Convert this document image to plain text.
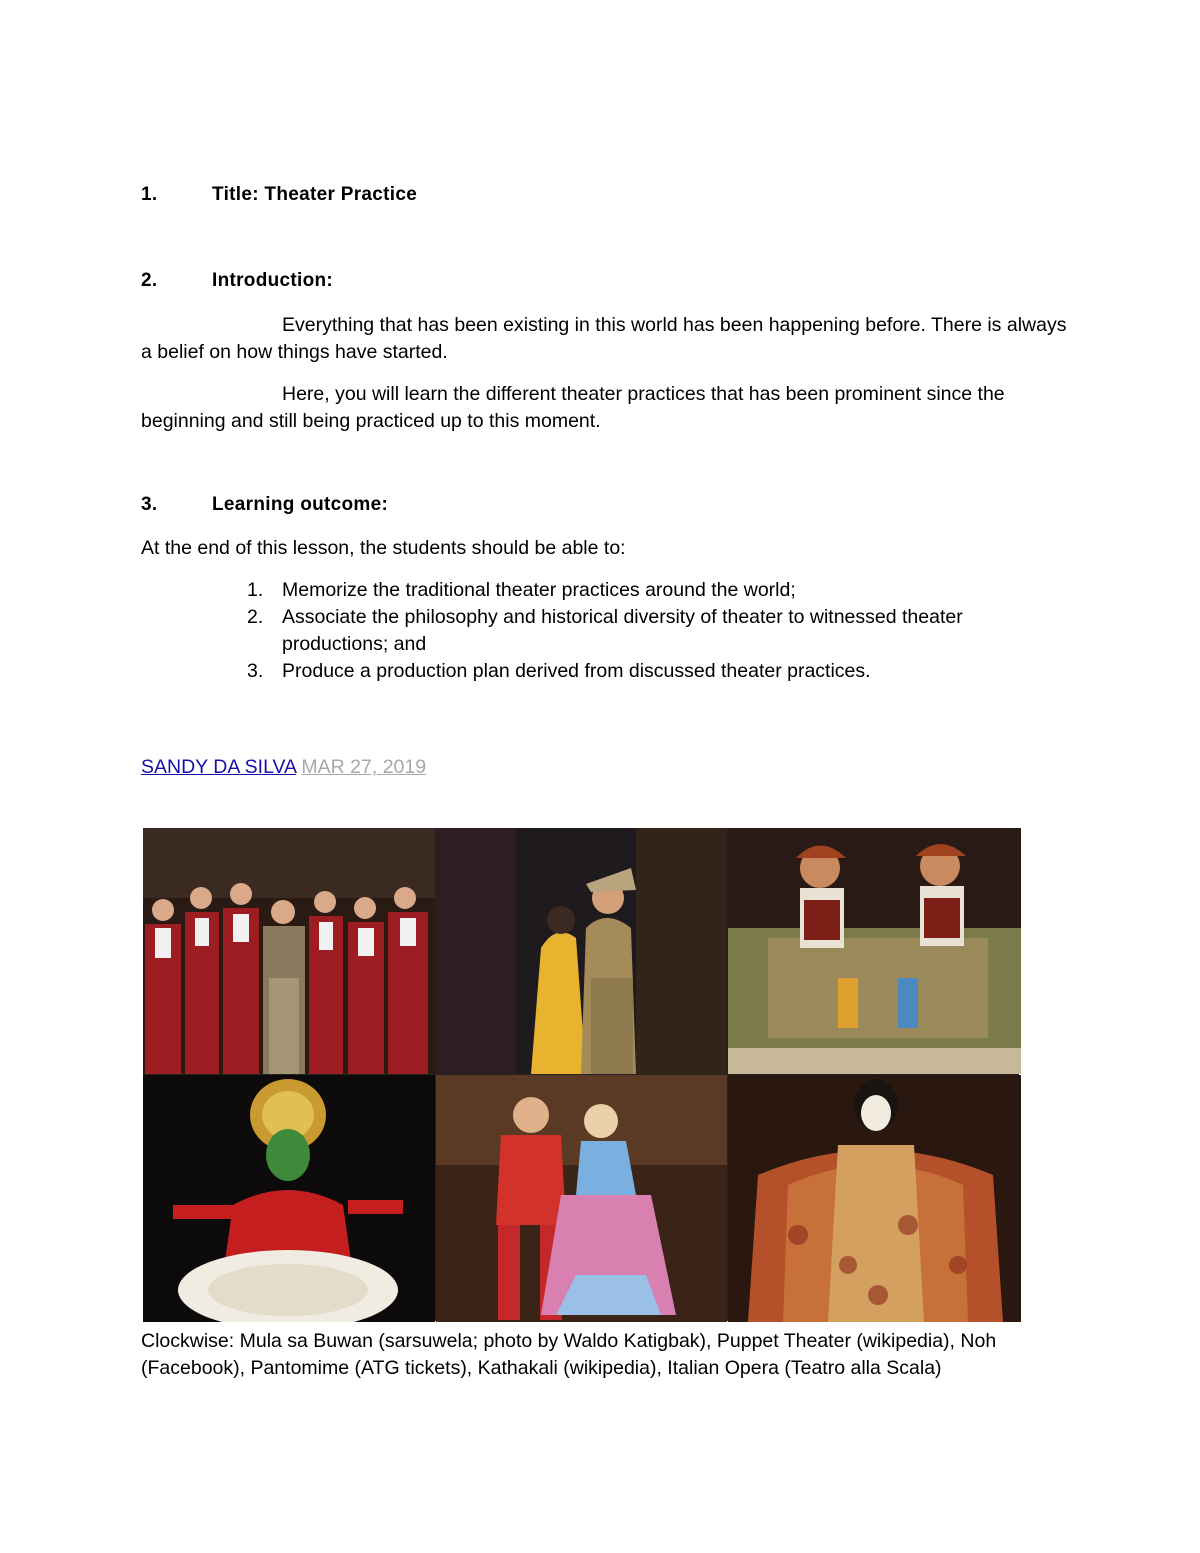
1.	Title: Theater Practice
2.	Introduction:

Everything that has been existing in this world has been happening before. There is always a belief on how things have started.

Here, you will learn the different theater practices that has been prominent since the beginning and still being practiced up to this moment.

3.	Learning outcome:

At the end of this lesson, the students should be able to:

1. Memorize the traditional theater practices around the world;
2. Associate the philosophy and historical diversity of theater to witnessed theater productions; and
3. Produce a production plan derived from discussed theater practices.
SANDY DA SILVA MAR 27, 2019

Clockwise: Mula sa Buwan (sarsuwela; photo by Waldo Katigbak), Puppet Theater (wikipedia), Noh (Facebook), Pantomime (ATG tickets), Kathakali (wikipedia), Italian Opera (Teatro alla Scala)
